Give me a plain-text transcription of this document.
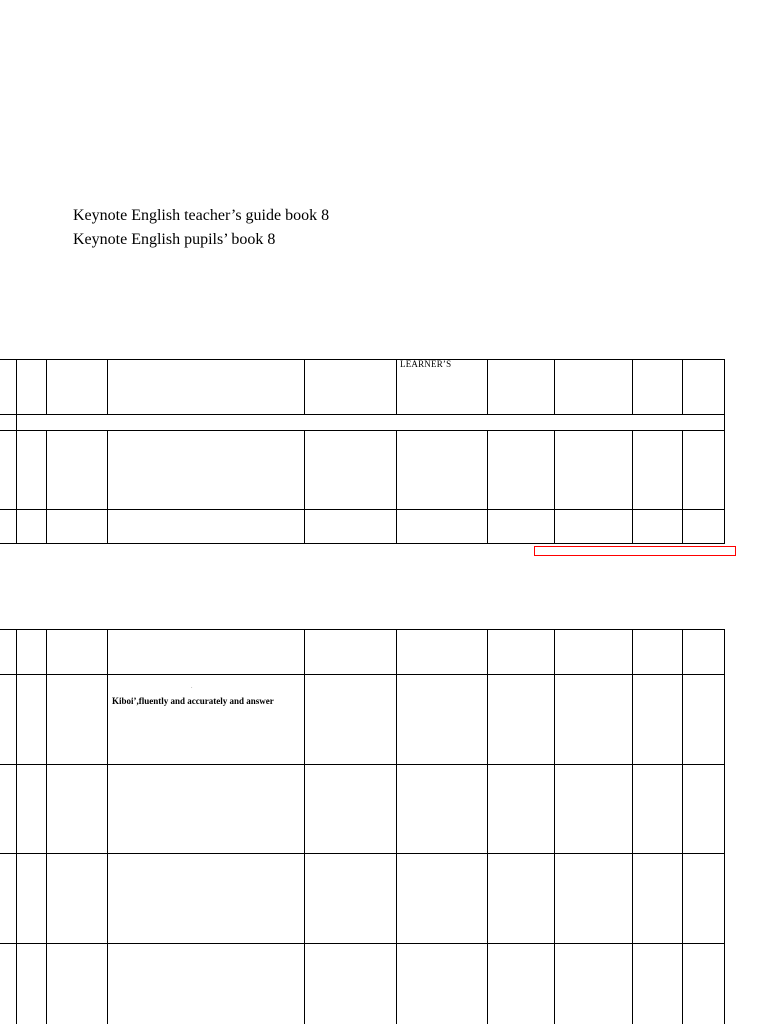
Keynote English teacher’s guide book 8
Keynote English pupils’ book 8
LEARNER’S
.
Kiboi’,fluently and accurately and answer
